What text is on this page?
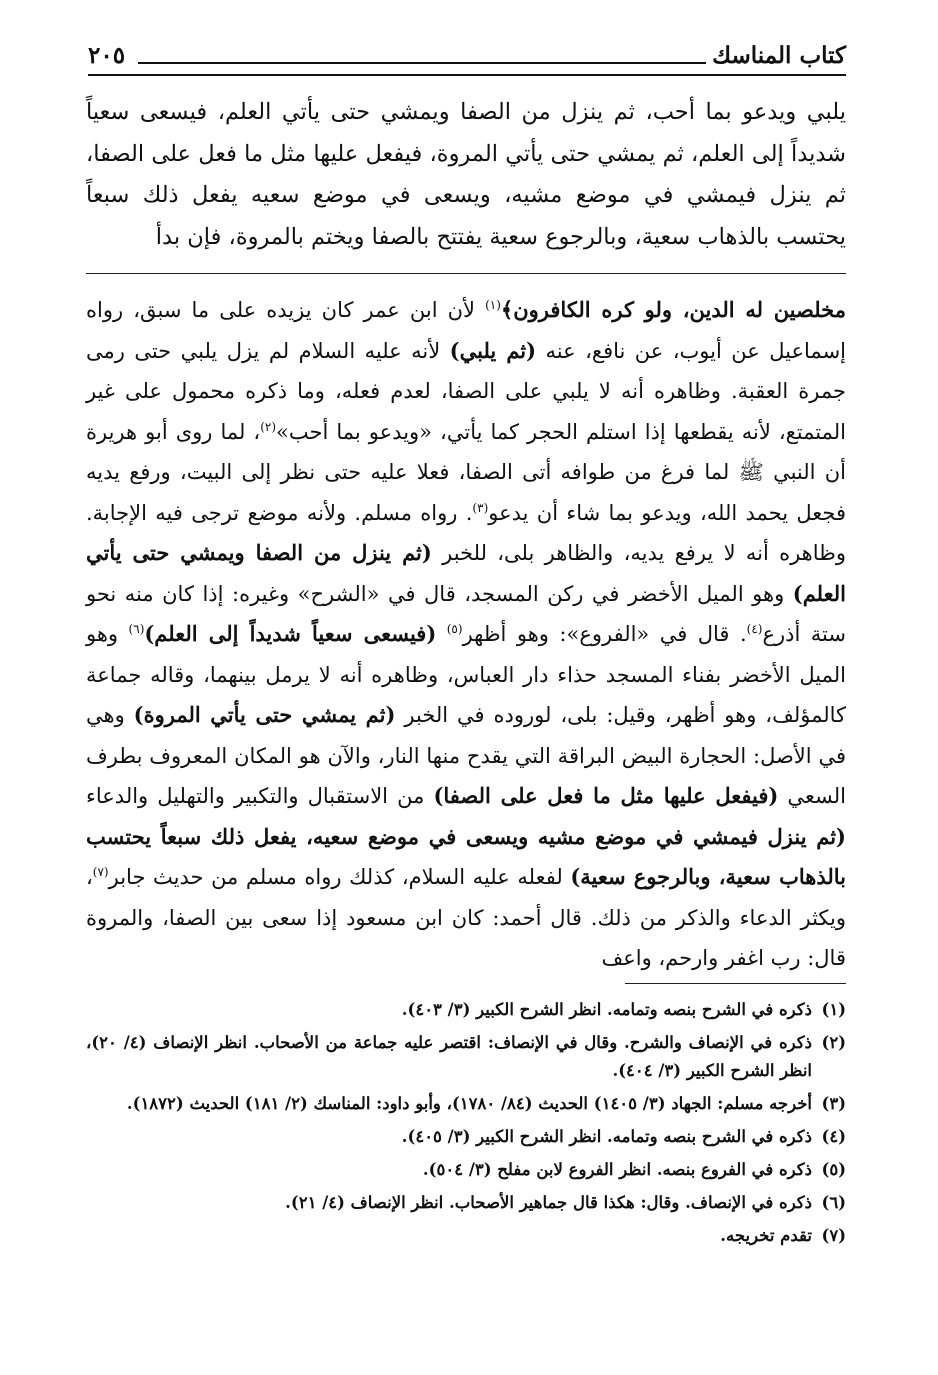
كتاب المناسك
٢٠٥

يلبي ويدعو بما أحب، ثم ينزل من الصفا ويمشي حتى يأتي العلم، فيسعى سعياً شديداً إلى العلم، ثم يمشي حتى يأتي المروة، فيفعل عليها مثل ما فعل على الصفا، ثم ينزل فيمشي في موضع مشيه، ويسعى في موضع سعيه يفعل ذلك سبعاً يحتسب بالذهاب سعية، وبالرجوع سعية يفتتح بالصفا ويختم بالمروة، فإن بدأ

مخلصين له الدين، ولو كره الكافرون﴾$^{(١)}$ لأن ابن عمر كان يزيده على ما سبق، رواه إسماعيل عن أيوب، عن نافع، عنه (ثم يلبي) لأنه عليه السلام لم يزل يلبي حتى رمى جمرة العقبة. وظاهره أنه لا يلبي على الصفا، لعدم فعله، وما ذكره محمول على غير المتمتع، لأنه يقطعها إذا استلم الحجر كما يأتي، «ويدعو بما أحب»$^{(٢)}$، لما روى أبو هريرة أن النبي ﷺ لما فرغ من طوافه أتى الصفا، فعلا عليه حتى نظر إلى البيت، ورفع يديه فجعل يحمد الله، ويدعو بما شاء أن يدعو$^{(٣)}$. رواه مسلم. ولأنه موضع ترجى فيه الإجابة. وظاهره أنه لا يرفع يديه، والظاهر بلى، للخبر (ثم ينزل من الصفا ويمشي حتى يأتي العلم) وهو الميل الأخضر في ركن المسجد، قال في «الشرح» وغيره: إذا كان منه نحو ستة أذرع$^{(٤)}$. قال في «الفروع»: وهو أظهر$^{(٥)}$ (فيسعى سعياً شديداً إلى العلم)$^{(٦)}$ وهو الميل الأخضر بفناء المسجد حذاء دار العباس، وظاهره أنه لا يرمل بينهما، وقاله جماعة كالمؤلف، وهو أظهر، وقيل: بلى، لوروده في الخبر (ثم يمشي حتى يأتي المروة) وهي في الأصل: الحجارة البيض البراقة التي يقدح منها النار، والآن هو المكان المعروف بطرف السعي (فيفعل عليها مثل ما فعل على الصفا) من الاستقبال والتكبير والتهليل والدعاء (ثم ينزل فيمشي في موضع مشيه ويسعى في موضع سعيه، يفعل ذلك سبعاً يحتسب بالذهاب سعية، وبالرجوع سعية) لفعله عليه السلام، كذلك رواه مسلم من حديث جابر$^{(٧)}$، ويكثر الدعاء والذكر من ذلك. قال أحمد: كان ابن مسعود إذا سعى بين الصفا، والمروة قال: رب اغفر وارحم، واعف

(١)
ذكره في الشرح بنصه وتمامه. انظر الشرح الكبير (٣/ ٤٠٣).
(٢)
ذكره في الإنصاف والشرح. وقال في الإنصاف: اقتصر عليه جماعة من الأصحاب. انظر الإنصاف (٤/ ٢٠)، انظر الشرح الكبير (٣/ ٤٠٤).
(٣)
أخرجه مسلم: الجهاد (٣/ ١٤٠٥) الحديث (٨٤/ ١٧٨٠)، وأبو داود: المناسك (٢/ ١٨١) الحديث (١٨٧٢).
(٤)
ذكره في الشرح بنصه وتمامه. انظر الشرح الكبير (٣/ ٤٠٥).
(٥)
ذكره في الفروع بنصه. انظر الفروع لابن مفلح (٣/ ٥٠٤).
(٦)
ذكره في الإنصاف. وقال: هكذا قال جماهير الأصحاب. انظر الإنصاف (٤/ ٢١).
(٧)
تقدم تخريجه.
